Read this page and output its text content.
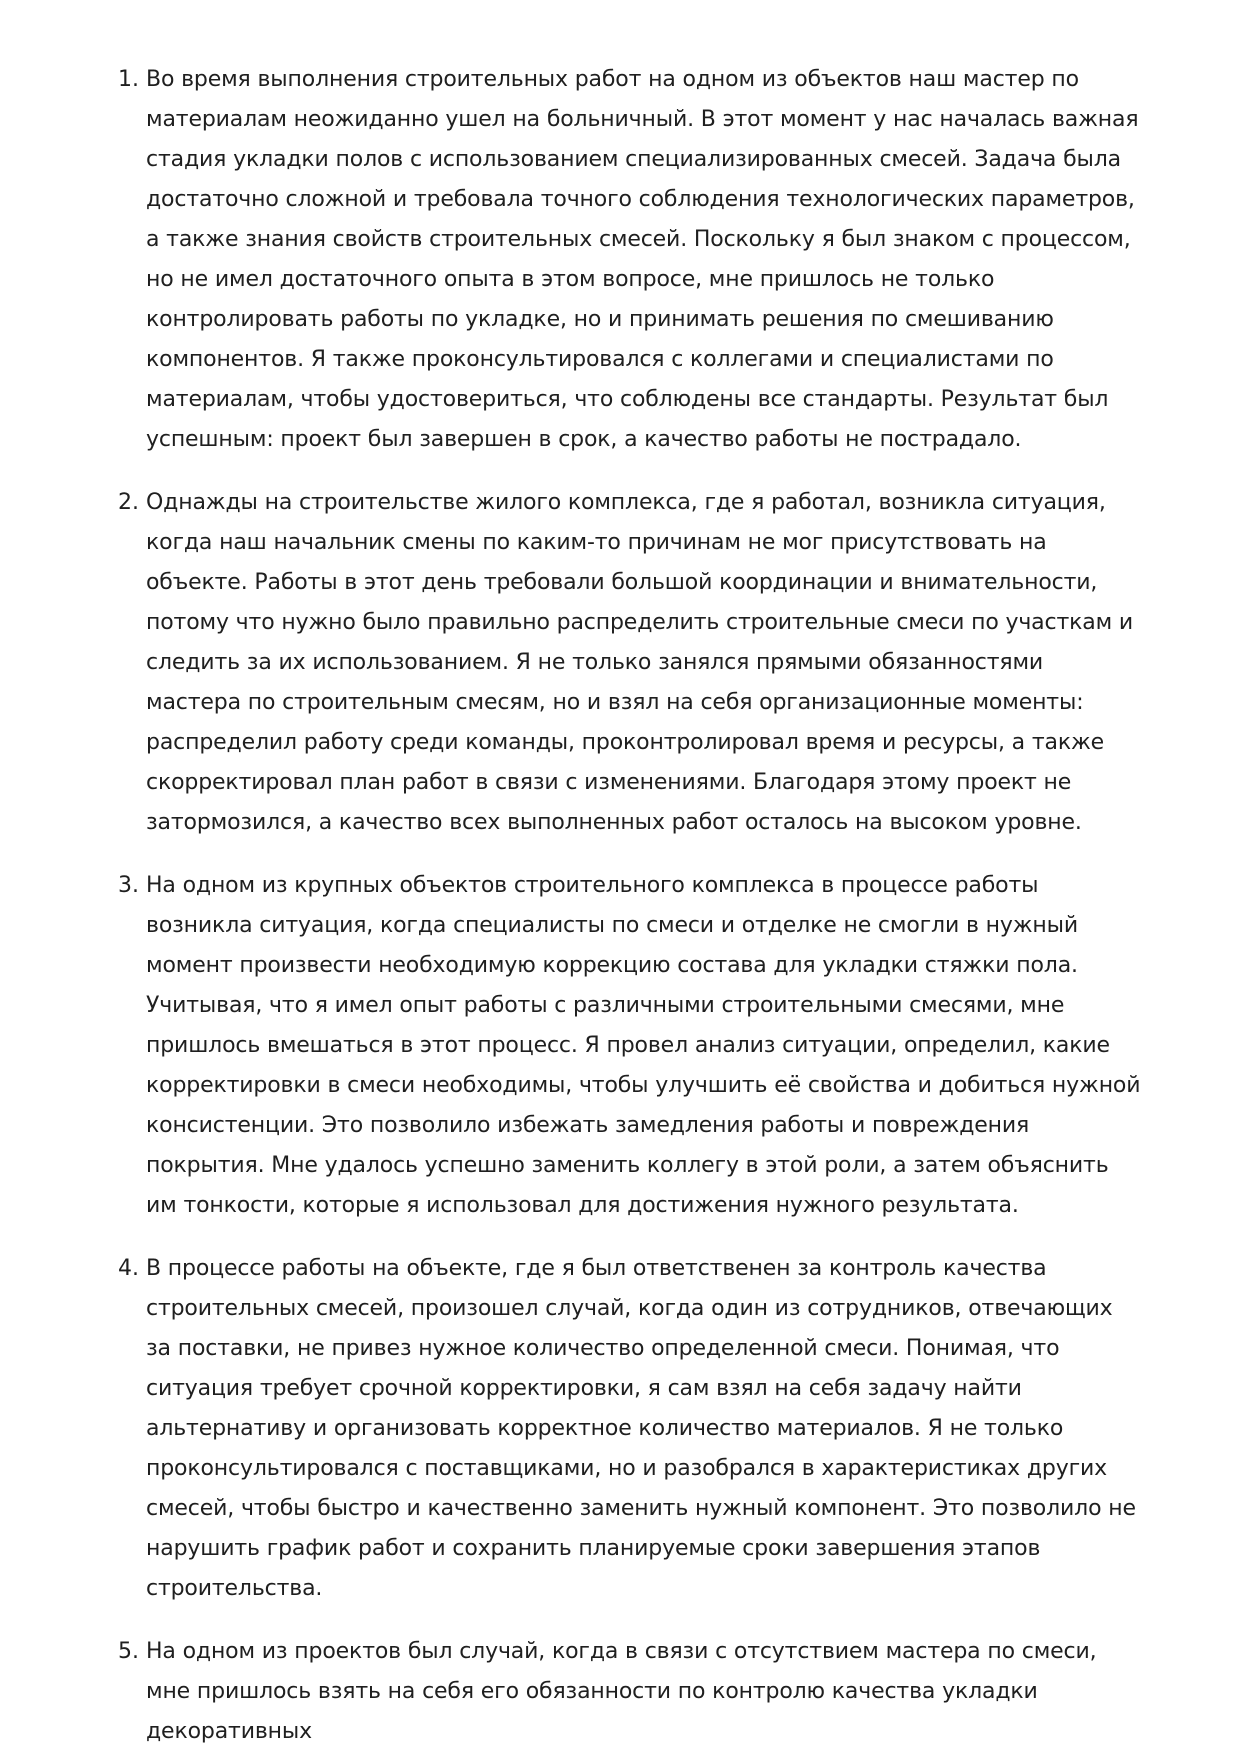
1. Во время выполнения строительных работ на одном из объектов наш мастер по материалам неожиданно ушел на больничный. В этот момент у нас началась важная стадия укладки полов с использованием специализированных смесей. Задача была достаточно сложной и требовала точного соблюдения технологических параметров, а также знания свойств строительных смесей. Поскольку я был знаком с процессом, но не имел достаточного опыта в этом вопросе, мне пришлось не только контролировать работы по укладке, но и принимать решения по смешиванию компонентов. Я также проконсультировался с коллегами и специалистами по материалам, чтобы удостовериться, что соблюдены все стандарты. Результат был успешным: проект был завершен в срок, а качество работы не пострадало.
2. Однажды на строительстве жилого комплекса, где я работал, возникла ситуация, когда наш начальник смены по каким-то причинам не мог присутствовать на объекте. Работы в этот день требовали большой координации и внимательности, потому что нужно было правильно распределить строительные смеси по участкам и следить за их использованием. Я не только занялся прямыми обязанностями мастера по строительным смесям, но и взял на себя организационные моменты: распределил работу среди команды, проконтролировал время и ресурсы, а также скорректировал план работ в связи с изменениями. Благодаря этому проект не затормозился, а качество всех выполненных работ осталось на высоком уровне.
3. На одном из крупных объектов строительного комплекса в процессе работы возникла ситуация, когда специалисты по смеси и отделке не смогли в нужный момент произвести необходимую коррекцию состава для укладки стяжки пола. Учитывая, что я имел опыт работы с различными строительными смесями, мне пришлось вмешаться в этот процесс. Я провел анализ ситуации, определил, какие корректировки в смеси необходимы, чтобы улучшить её свойства и добиться нужной консистенции. Это позволило избежать замедления работы и повреждения покрытия. Мне удалось успешно заменить коллегу в этой роли, а затем объяснить им тонкости, которые я использовал для достижения нужного результата.
4. В процессе работы на объекте, где я был ответственен за контроль качества строительных смесей, произошел случай, когда один из сотрудников, отвечающих за поставки, не привез нужное количество определенной смеси. Понимая, что ситуация требует срочной корректировки, я сам взял на себя задачу найти альтернативу и организовать корректное количество материалов. Я не только проконсультировался с поставщиками, но и разобрался в характеристиках других смесей, чтобы быстро и качественно заменить нужный компонент. Это позволило не нарушить график работ и сохранить планируемые сроки завершения этапов строительства.
5. На одном из проектов был случай, когда в связи с отсутствием мастера по смеси, мне пришлось взять на себя его обязанности по контролю качества укладки декоративных
